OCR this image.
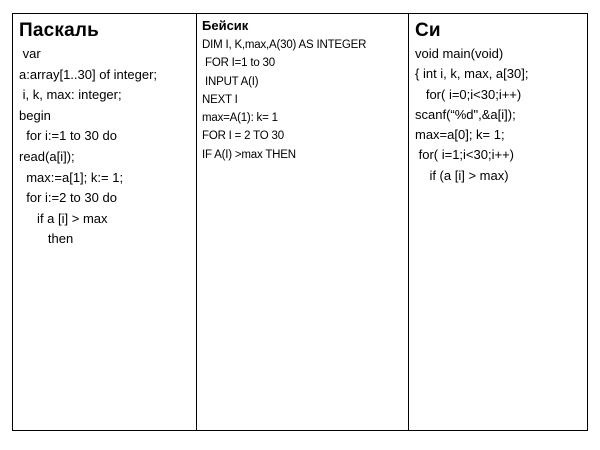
Паскаль
var
a:array[1..30] of integer;
i, k, max: integer;
begin
for i:=1 to 30 do
read(a[i]);
max:=a[1]; k:= 1;
for i:=2 to 30 do
if a [i] > max
then
Бейсик
DIM I, K,max,A(30) AS INTEGER
FOR I=1 to 30
INPUT A(I)
NEXT I
max=A(1): k= 1
FOR I = 2 TO 30
IF A(I) >max THEN
Си
void main(void)
{ int i, k, max, a[30];
for( i=0;i<30;i++)
scanf(“%d",&a[i]);
max=a[0]; k= 1;
for( i=1;i<30;i++)
if (a [i] > max)
